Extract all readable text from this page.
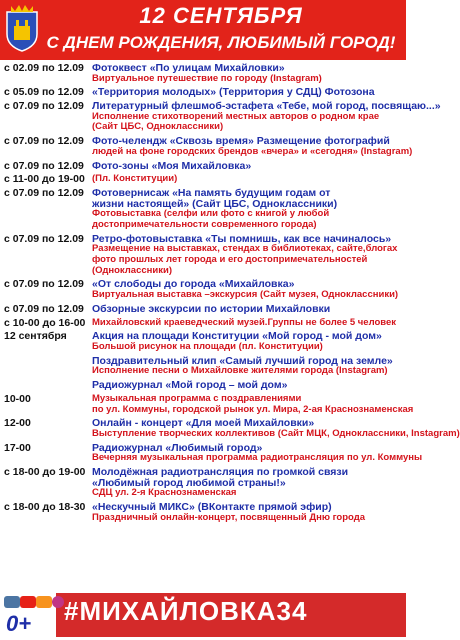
12 СЕНТЯБРЯ
С ДНЕМ РОЖДЕНИЯ, ЛЮБИМЫЙ ГОРОД!
с 02.09 по 12.09 Фотоквест «По улицам Михайловки»
Виртуальное путешествие по городу (Instagram)
с 05.09 по 12.09 «Территория молодых» (Территория у СДЦ) Фотозона
с 07.09 по 12.09 Литературный флешмоб-эстафета «Тебе, мой город, посвящаю...»
Исполнение стихотворений местных авторов о родном крае
(Сайт ЦБС, Одноклассники)
с 07.09 по 12.09 Фото-челендж «Сквозь время» Размещение фотографий
людей на фоне городских брендов «вчера» и «сегодня» (Instagram)
с 07.09 по 12.09 Фото-зоны «Моя Михайловка»
с 11-00 до 19-00 (Пл. Конституции)
с 07.09 по 12.09 Фотовернисаж «На память будущим годам от
жизни настоящей» (Сайт ЦБС, Одноклассники)
Фотовыставка (селфи или фото с книгой у любой
достопримечательности современного города)
с 07.09 по 12.09 Ретро-фотовыставка «Ты помнишь, как все начиналось»
Размещение на выставках, стендах в библиотеках, сайте,блогах
фото прошлых лет города и его достопримечательностей
(Одноклассники)
с 07.09 по 12.09 «От слободы до города «Михайловка»
Виртуальная выставка –экскурсия (Сайт музея, Одноклассники)
с 07.09 по 12.09 Обзорные экскурсии по истории Михайловки
с 10-00 до 16-00 Михайловский краеведческий музей.Группы не более 5 человек
12 сентября	Акция на площади Конституции «Мой город - мой дом»
Большой рисунок на площади (пл. Конституции)
Поздравительный клип «Самый лучший город на земле»
Исполнение песни о Михайловке жителями города (Instagram)
Радиожурнал «Мой город – мой дом»
10-00	Музыкальная программа с поздравлениями
по ул. Коммуны, городской рынок ул. Мира, 2-ая Краснознаменская
12-00	Онлайн - концерт «Для моей Михайловки»
Выступление творческих коллективов (Сайт МЦК, Одноклассники, Instagram)
17-00	Радиожурнал «Любимый город»
Вечерняя музыкальная программа радиотрансляция по ул. Коммуны
с 18-00 до 19-00 Молодёжная радиотрансляция по громкой связи
«Любимый город любимой страны!»
СДЦ ул. 2-я Краснознаменская
с 18-00 до 18-30 «Нескучный МИКС» (ВКонтакте прямой эфир)
Праздничный онлайн-концерт, посвященный Дню города
#МИХАЙЛОВКА34
0+
